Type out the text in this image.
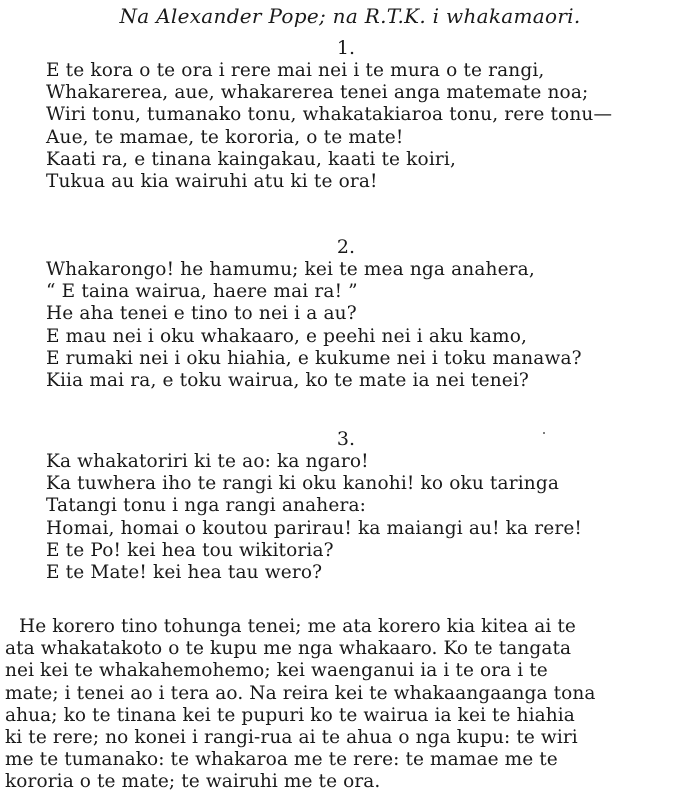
Na Alexander Pope; na R.T.K. i whakamaori.
1.
E te kora o te ora i rere mai nei i te mura o te rangi,
Whakarerea, aue, whakarerea tenei anga matemate noa;
Wiri tonu, tumanako tonu, whakatakiaroa tonu, rere tonu—
Aue, te mamae, te kororia, o te mate!
Kaati ra, e tinana kaingakau, kaati te koiri,
Tukua au kia wairuhi atu ki te ora!
2.
Whakarongo! he hamumu; kei te mea nga anahera,
“ E taina wairua, haere mai ra! ”
He aha tenei e tino to nei i a au?
E mau nei i oku whakaaro, e peehi nei i aku kamo,
E rumaki nei i oku hiahia, e kukume nei i toku manawa?
Kiia mai ra, e toku wairua, ko te mate ia nei tenei?
3.
Ka whakatoriri ki te ao: ka ngaro!
Ka tuwhera iho te rangi ki oku kanohi! ko oku taringa
Tatangi tonu i nga rangi anahera:
Homai, homai o koutou parirau! ka maiangi au! ka rere!
E te Po! kei hea tou wikitoria?
E te Mate! kei hea tau wero?
He korero tino tohunga tenei; me ata korero kia kitea ai te
ata whakatakoto o te kupu me nga whakaaro. Ko te tangata
nei kei te whakahemohemo; kei waenganui ia i te ora i te
mate; i tenei ao i tera ao. Na reira kei te whakaangaanga tona
ahua; ko te tinana kei te pupuri ko te wairua ia kei te hiahia
ki te rere; no konei i rangi-rua ai te ahua o nga kupu: te wiri
me te tumanako: te whakaroa me te rere: te mamae me te
kororia o te mate; te wairuhi me te ora.
